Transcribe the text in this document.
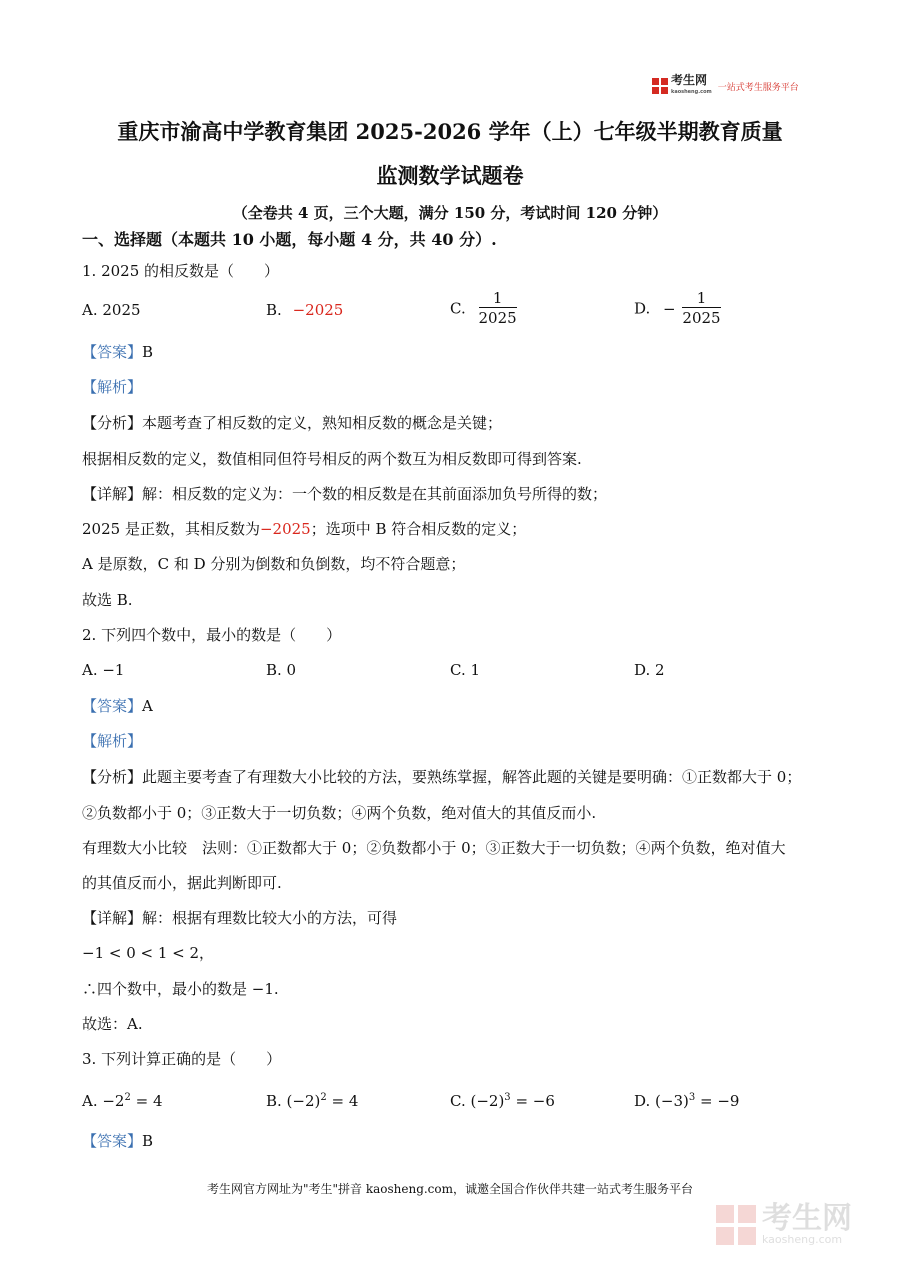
考生网
kaosheng.com 一站式考生服务平台
重庆市渝高中学教育集团 2025-2026 学年（上）七年级半期教育质量
监测数学试题卷
（全卷共 4 页，三个大题，满分 150 分，考试时间 120 分钟）
一、选择题（本题共 10 小题，每小题 4 分，共 40 分）.
1. 2025 的相反数是（　　）
A. 2025	B. −2025	C. $\frac{1}{2025}$	D. − $\frac{1}{2025}$
【答案】B
【解析】
【分析】本题考查了相反数的定义，熟知相反数的概念是关键；
根据相反数的定义，数值相同但符号相反的两个数互为相反数即可得到答案.
【详解】解：相反数的定义为：一个数的相反数是在其前面添加负号所得的数；
2025 是正数，其相反数为−2025；选项中 B 符合相反数的定义；
A 是原数，C 和 D 分别为倒数和负倒数，均不符合题意；
故选 B.
2. 下列四个数中，最小的数是（　　）
A. −1	B. 0	C. 1	D. 2
【答案】A
【解析】
【分析】此题主要考查了有理数大小比较的方法，要熟练掌握，解答此题的关键是要明确：①正数都大于 0；
②负数都小于 0；③正数大于一切负数；④两个负数，绝对值大的其值反而小.
有理数大小比较　法则：①正数都大于 0；②负数都小于 0；③正数大于一切负数；④两个负数，绝对值大
的其值反而小，据此判断即可.
【详解】解：根据有理数比较大小的方法，可得
−1 < 0 < 1 < 2，
∴四个数中，最小的数是 −1.
故选：A.
3. 下列计算正确的是（　　）
A. $-2^2 = 4$	B. $(-2)^2 = 4$	C. $(-2)^3 = -6$	D. $(-3)^3 = -9$
【答案】B
考生网官方网址为"考生"拼音 kaosheng.com，诚邀全国合作伙伴共建一站式考生服务平台
考生网
kaosheng.com
